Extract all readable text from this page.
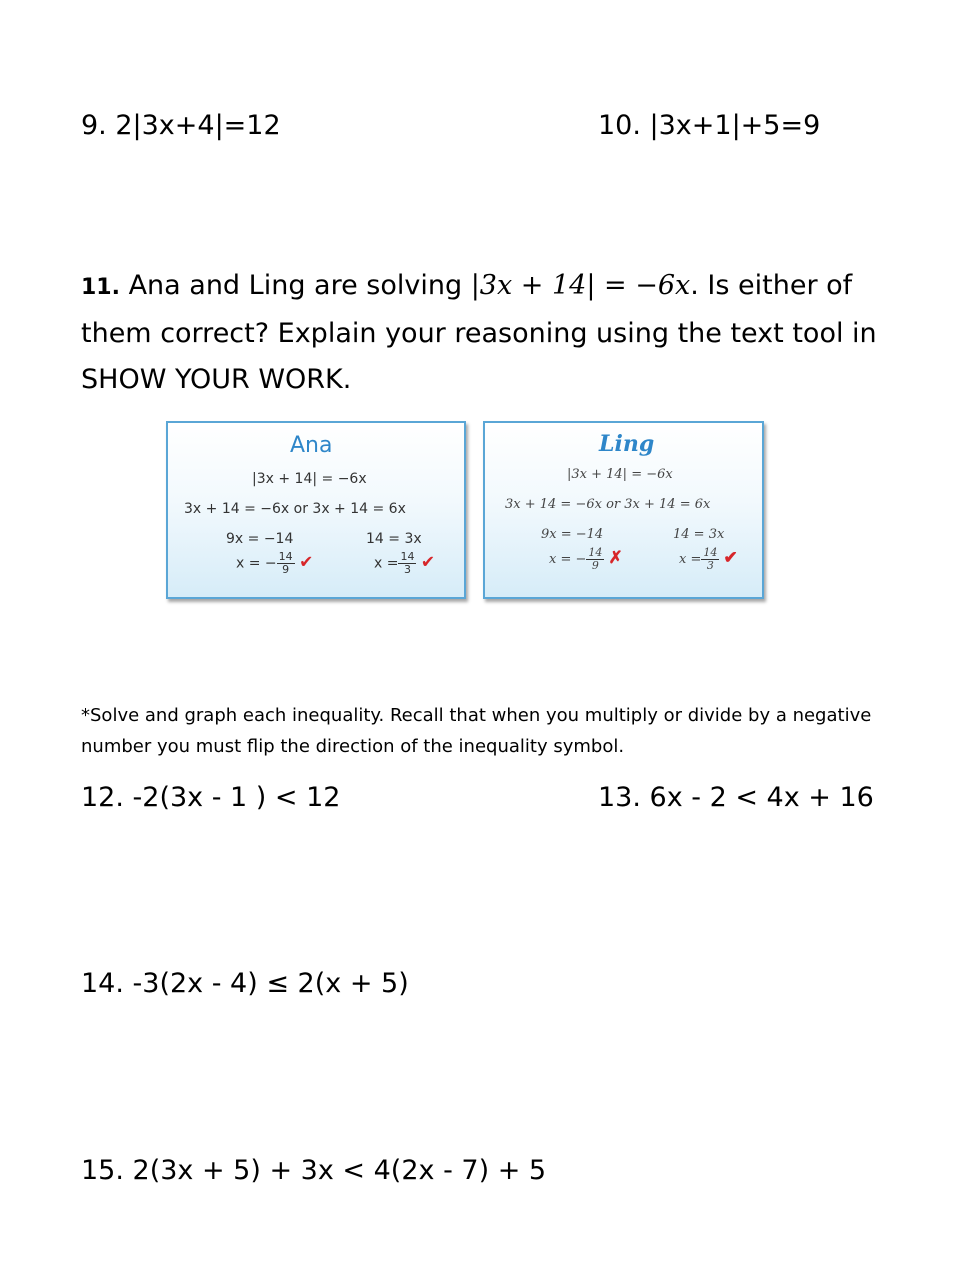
9. 2|3x+4|=12	10. |3x+1|+5=9
11. Ana and Ling are solving |3x + 14| = −6x. Is either of them correct? Explain your reasoning using the text tool in SHOW YOUR WORK.
Ana
|3x + 14| = −6x
3x + 14 = −6x or 3x + 14 = 6x
9x = −14	14 = 3x
x = − $\frac{14}{9}$ ✔	$x = \frac{14}{3}$ ✔
Ling
|3x + 14| = −6x
3x + 14 = −6x or 3x + 14 = 6x
9x = −14	14 = 3x
x = − $\frac{14}{9}$ ✗	$x = \frac{14}{3}$ ✔
*Solve and graph each inequality. Recall that when you multiply or divide by a negative number you must flip the direction of the inequality symbol.
12. -2(3x - 1 ) < 12	13. 6x - 2 < 4x + 16
14. -3(2x - 4) ≤ 2(x + 5)
15. 2(3x + 5) + 3x < 4(2x - 7) + 5
